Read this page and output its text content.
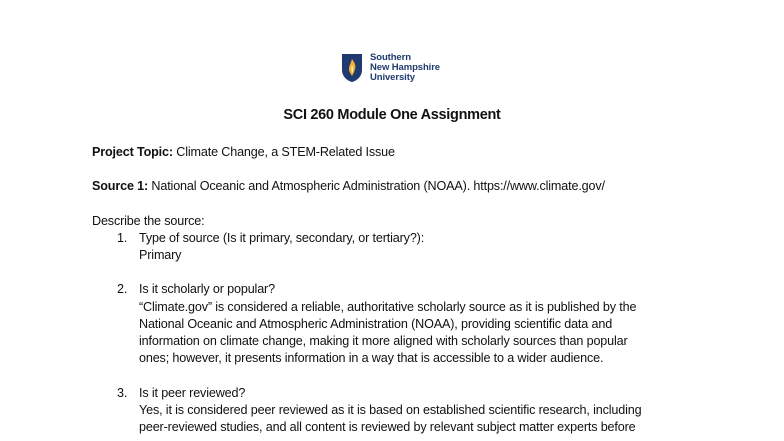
Southern
New Hampshire
University
SCI 260 Module One Assignment
Project Topic: Climate Change, a STEM-Related Issue
Source 1: National Oceanic and Atmospheric Administration (NOAA). https://www.climate.gov/
Describe the source:
1. Type of source (Is it primary, secondary, or tertiary?):
Primary
2. Is it scholarly or popular?
“Climate.gov” is considered a reliable, authoritative scholarly source as it is published by the
National Oceanic and Atmospheric Administration (NOAA), providing scientific data and
information on climate change, making it more aligned with scholarly sources than popular
ones; however, it presents information in a way that is accessible to a wider audience.
3. Is it peer reviewed?
Yes, it is considered peer reviewed as it is based on established scientific research, including
peer-reviewed studies, and all content is reviewed by relevant subject matter experts before
